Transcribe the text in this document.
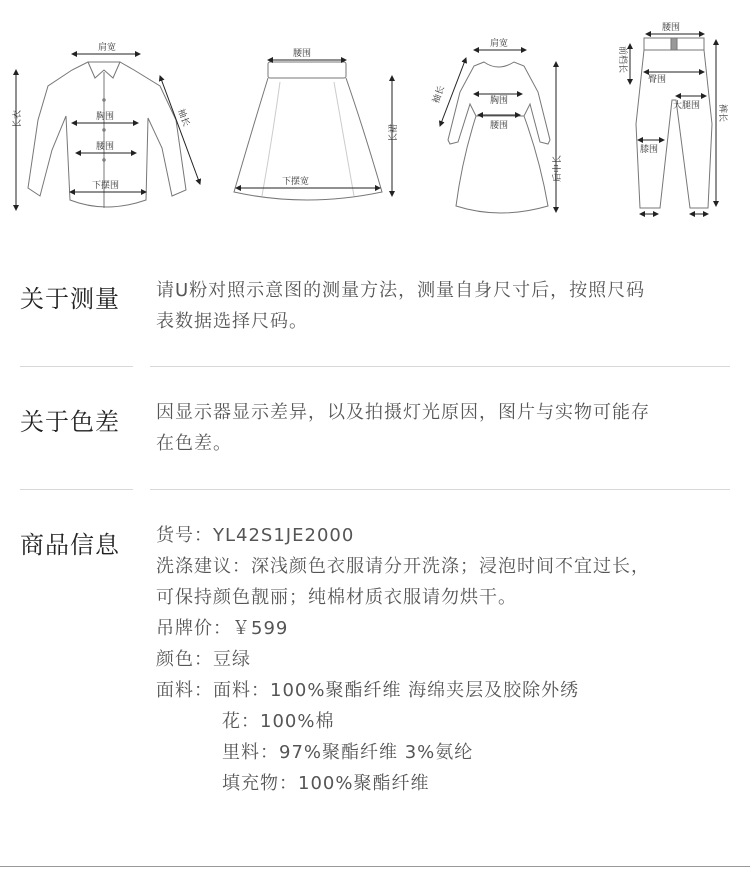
肩宽
胸围
腰围
下摆围
长衣	袖长
腰围
下摆宽
长裙
肩宽
袖长	胸围
腰围
后中长
腰围
前档长
臀围
大腿围
膝围
裤长
关于测量 请U粉对照示意图的测量方法，测量自身尺寸后，按照尺码
表数据选择尺码。
关于色差 因显示器显示差异，以及拍摄灯光原因，图片与实物可能存
在色差。
商品信息 货号：YL42S1JE2000
洗涤建议：深浅颜色衣服请分开洗涤；浸泡时间不宜过长，
可保持颜色靓丽；纯棉材质衣服请勿烘干。
吊牌价：￥599
颜色：豆绿
面料：面料：100%聚酯纤维 海绵夹层及胶除外绣
花：100%棉
里料：97%聚酯纤维 3%氨纶
填充物：100%聚酯纤维
